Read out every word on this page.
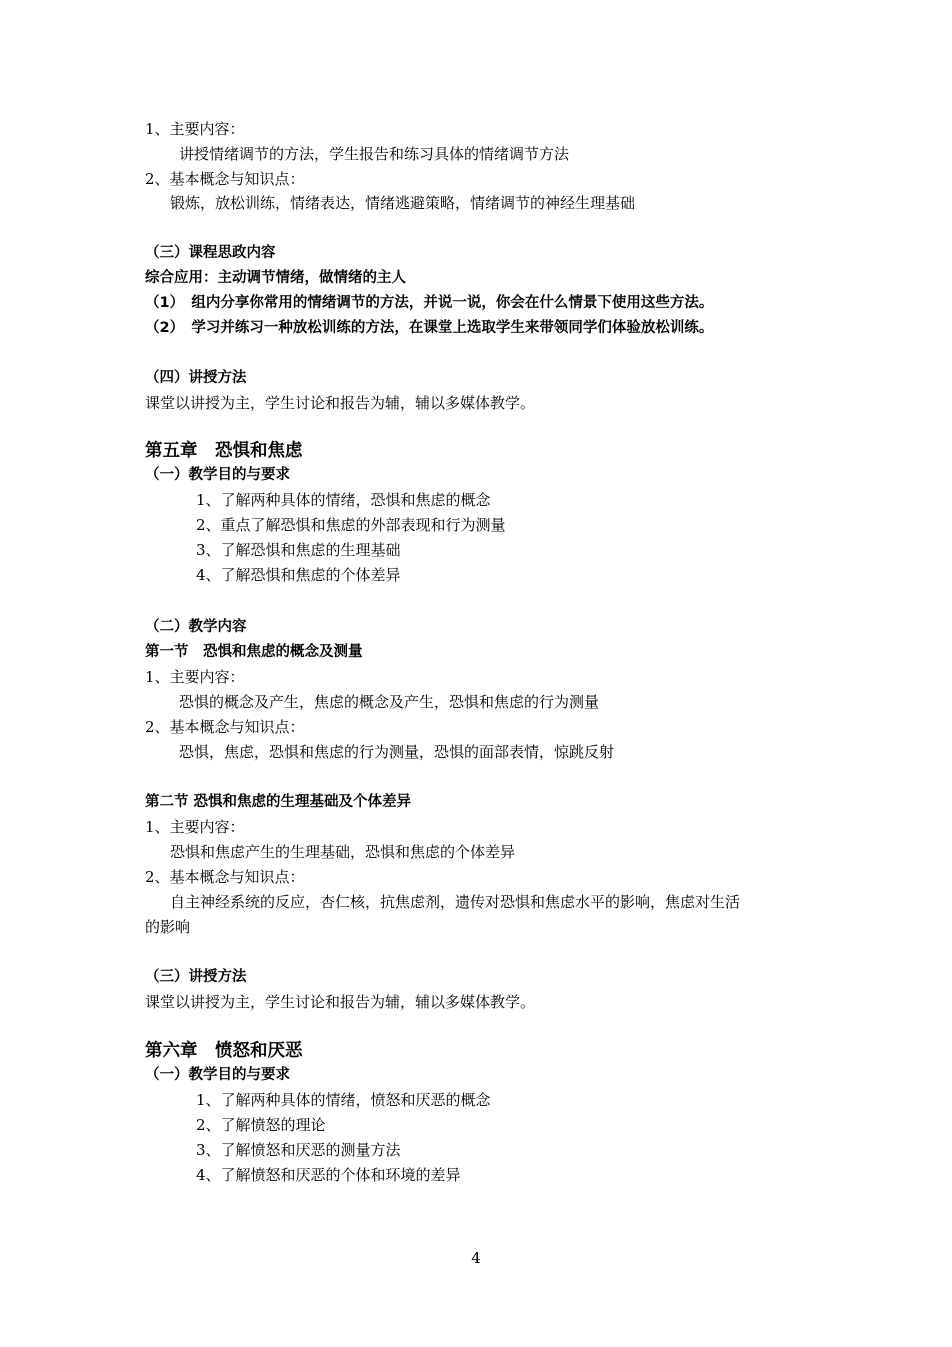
1、主要内容：
讲授情绪调节的方法，学生报告和练习具体的情绪调节方法
2、基本概念与知识点：
锻炼，放松训练，情绪表达，情绪逃避策略，情绪调节的神经生理基础
（三）课程思政内容
综合应用：主动调节情绪，做情绪的主人
（1）　组内分享你常用的情绪调节的方法，并说一说，你会在什么情景下使用这些方法。
（2）　学习并练习一种放松训练的方法，在课堂上选取学生来带领同学们体验放松训练。
（四）讲授方法
课堂以讲授为主，学生讨论和报告为辅，辅以多媒体教学。
第五章　恐惧和焦虑
（一）教学目的与要求
1、了解两种具体的情绪，恐惧和焦虑的概念
2、重点了解恐惧和焦虑的外部表现和行为测量
3、了解恐惧和焦虑的生理基础
4、了解恐惧和焦虑的个体差异
（二）教学内容
第一节　恐惧和焦虑的概念及测量
1、主要内容：
恐惧的概念及产生，焦虑的概念及产生，恐惧和焦虑的行为测量
2、基本概念与知识点：
恐惧，焦虑，恐惧和焦虑的行为测量，恐惧的面部表情，惊跳反射
第二节 恐惧和焦虑的生理基础及个体差异
1、主要内容：
恐惧和焦虑产生的生理基础，恐惧和焦虑的个体差异
2、基本概念与知识点：
自主神经系统的反应，杏仁核，抗焦虑剂，遗传对恐惧和焦虑水平的影响，焦虑对生活
的影响
（三）讲授方法
课堂以讲授为主，学生讨论和报告为辅，辅以多媒体教学。
第六章　愤怒和厌恶
（一）教学目的与要求
1、了解两种具体的情绪，愤怒和厌恶的概念
2、了解愤怒的理论
3、了解愤怒和厌恶的测量方法
4、了解愤怒和厌恶的个体和环境的差异
4
